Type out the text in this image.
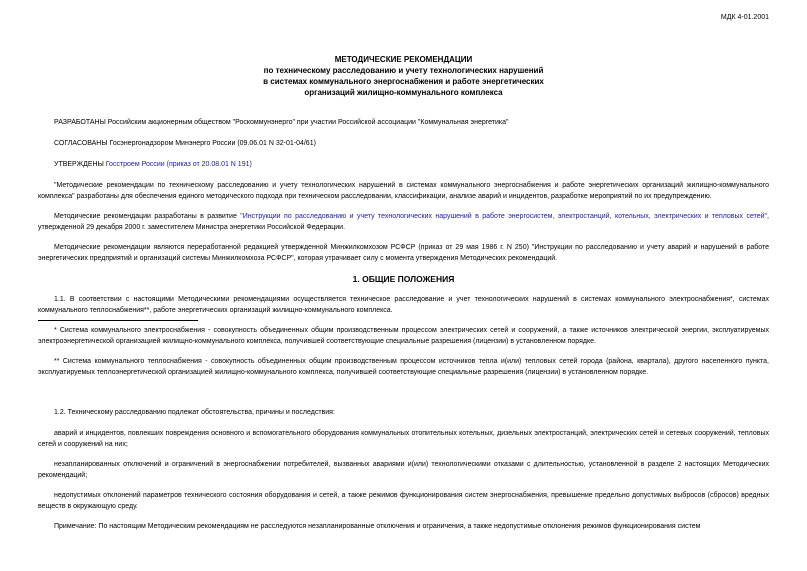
МДК 4-01.2001
МЕТОДИЧЕСКИЕ РЕКОМЕНДАЦИИ
по техническому расследованию и учету технологических нарушений
в системах коммунального энергоснабжения и работе энергетических
организаций жилищно-коммунального комплекса
РАЗРАБОТАНЫ Российским акционерным обществом "Роскоммунэнерго" при участии Российской ассоциации "Коммунальная энергетика"
СОГЛАСОВАНЫ Госэнергонадзором Минэнерго России (09.06.01 N 32-01-04/61)
УТВЕРЖДЕНЫ Госстроем России (приказ от 20.08.01 N 191)
"Методические рекомендации по техническому расследованию и учету технологических нарушений в системах коммунального энергоснабжения и работе энергетических организаций жилищно-коммунального комплекса" разработаны для обеспечения единого методического подхода при техническом расследовании, классификации, анализе аварий и инцидентов, разработке мероприятий по их предупреждению.
Методические рекомендации разработаны в развитие "Инструкции по расследованию и учету технологических нарушений в работе энергосистем, электростанций, котельных, электрических и тепловых сетей", утвержденной 29 декабря 2000 г. заместителем Министра энергетики Российской Федерации.
Методические рекомендации являются переработанной редакцией утвержденной Минжилкомхозом РСФСР (приказ от 29 мая 1986 г. N 250) "Инструкции по расследованию и учету аварий и нарушений в работе энергетических предприятий и организаций системы Минжилкомхоза РСФСР", которая утрачивает силу с момента утверждения Методических рекомендаций.
1. ОБЩИЕ ПОЛОЖЕНИЯ
1.1. В соответствии с настоящими Методическими рекомендациями осуществляется техническое расследование и учет технологических нарушений в системах коммунального электроснабжения*, системах коммунального теплоснабжения**, работе энергетических организаций жилищно-коммунального комплекса.
* Система коммунального электроснабжения - совокупность объединенных общим производственным процессом электрических сетей и сооружений, а также источников электрической энергии, эксплуатируемых электроэнергетической организацией жилищно-коммунального комплекса, получившей соответствующие специальные разрешения (лицензии) в установленном порядке.
** Система коммунального теплоснабжения - совокупность объединенных общим производственным процессом источников тепла и(или) тепловых сетей города (района, квартала), другого населенного пункта, эксплуатируемых теплоэнергетической организацией жилищно-коммунального комплекса, получившей соответствующие специальные разрешения (лицензии) в установленном порядке.
1.2. Техническому расследованию подлежат обстоятельства, причины и последствия:
аварий и инцидентов, повлекших повреждения основного и вспомогательного оборудования коммунальных отопительных котельных, дизельных электростанций, электрических сетей и сетевых сооружений, тепловых сетей и сооружений на них;
незапланированных отключений и ограничений в энергоснабжении потребителей, вызванных авариями и(или) технологическими отказами с длительностью, установленной в разделе 2 настоящих Методических рекомендаций;
недопустимых отклонений параметров технического состояния оборудования и сетей, а также режимов функционирования систем энергоснабжения, превышение предельно допустимых выбросов (сбросов) вредных веществ в окружающую среду.
Примечание: По настоящим Методическим рекомендациям не расследуются незапланированные отключения и ограничения, а также недопустимые отклонения режимов функционирования систем
